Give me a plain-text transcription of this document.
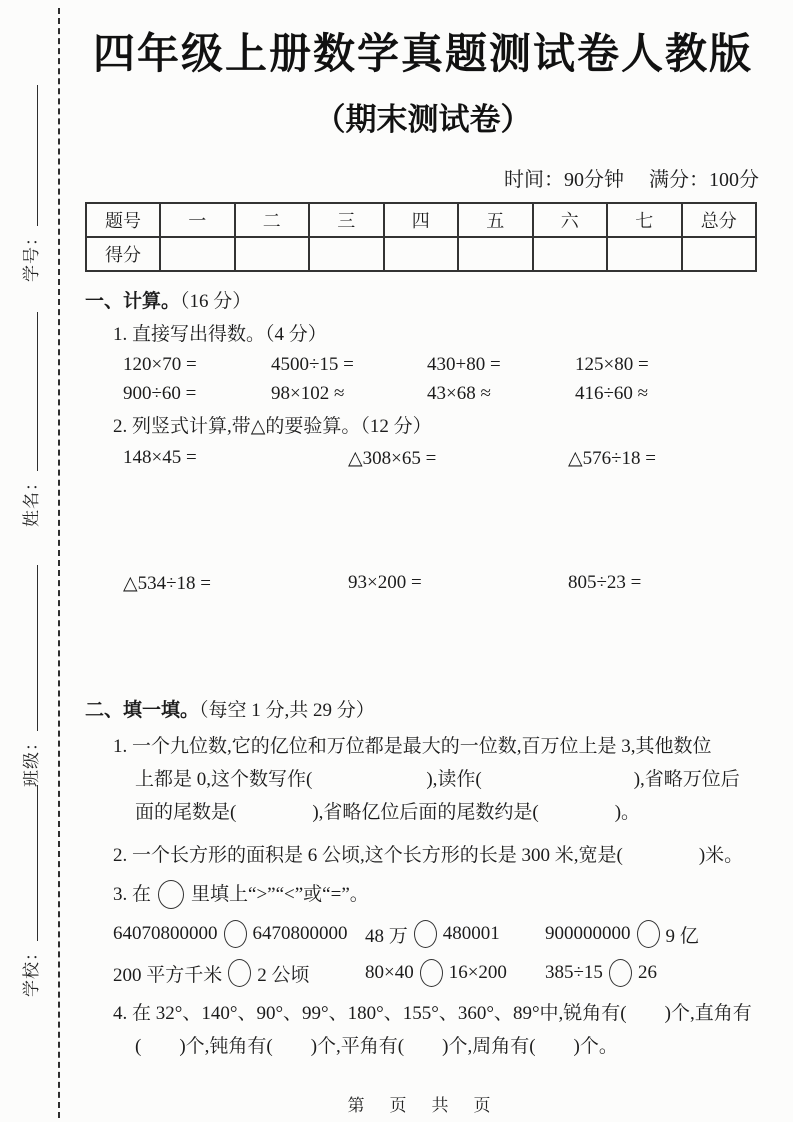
学号：
姓名：
班级：
学校：
四年级上册数学真题测试卷人教版
（期末测试卷）
时间：90分钟　 满分：100分
题号	一	二	三	四	五	六	七	总分
得分								
一、计算。（16 分）
1. 直接写出得数。（4 分）
120×70 =	4500÷15 =	430+80 =	125×80 =
900÷60 =	98×102 ≈	43×68 ≈	416÷60 ≈
2. 列竖式计算,带△的要验算。（12 分）
148×45 =	△308×65 =	△576÷18 =
△534÷18 =	93×200 =	805÷23 =
二、填一填。（每空 1 分,共 29 分）
1. 一个九位数,它的亿位和万位都是最大的一位数,百万位上是 3,其他数位
上都是 0,这个数写作(　　　　　　),读作(　　　　　　　　),省略万位后
面的尾数是(　　　　),省略亿位后面的尾数约是(　　　　)。
2. 一个长方形的面积是 6 公顷,这个长方形的长是 300 米,宽是(　　　　)米。
3. 在 里填上“>”“<”或“=”。
64070800000 6470800000 48 万 480001 900000000 9 亿
200 平方千米 2 公顷	80×40 16×200 385÷15 26
4. 在 32°、140°、90°、99°、180°、155°、360°、89°中,锐角有(　　)个,直角有
(　　)个,钝角有(　　)个,平角有(　　)个,周角有(　　)个。
第　页　共　页
